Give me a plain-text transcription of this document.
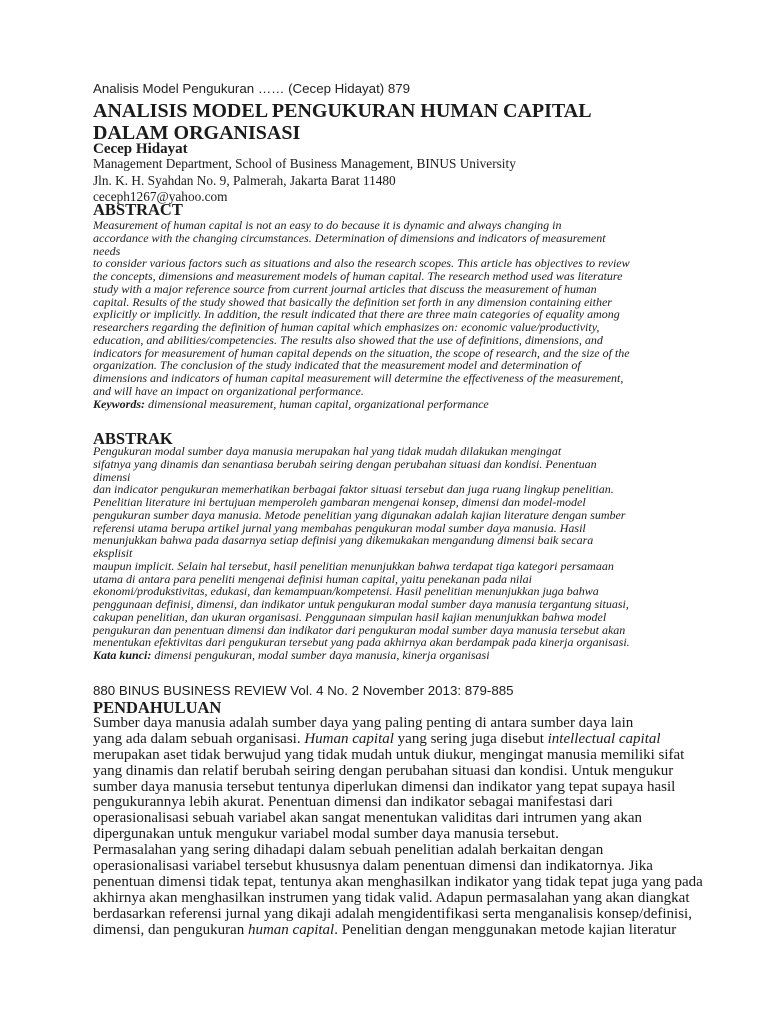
Analisis Model Pengukuran …… (Cecep Hidayat) 879
ANALISIS MODEL PENGUKURAN HUMAN CAPITAL
DALAM ORGANISASI
Cecep Hidayat
Management Department, School of Business Management, BINUS University
Jln. K. H. Syahdan No. 9, Palmerah, Jakarta Barat 11480
ceceph1267@yahoo.com
ABSTRACT
Measurement of human capital is not an easy to do because it is dynamic and always changing in
accordance with the changing circumstances. Determination of dimensions and indicators of measurement
needs
to consider various factors such as situations and also the research scopes. This article has objectives to review
the concepts, dimensions and measurement models of human capital. The research method used was literature
study with a major reference source from current journal articles that discuss the measurement of human
capital. Results of the study showed that basically the definition set forth in any dimension containing either
explicitly or implicitly. In addition, the result indicated that there are three main categories of equality among
researchers regarding the definition of human capital which emphasizes on: economic value/productivity,
education, and abilities/competencies. The results also showed that the use of definitions, dimensions, and
indicators for measurement of human capital depends on the situation, the scope of research, and the size of the
organization. The conclusion of the study indicated that the measurement model and determination of
dimensions and indicators of human capital measurement will determine the effectiveness of the measurement,
and will have an impact on organizational performance.
Keywords: dimensional measurement, human capital, organizational performance
ABSTRAK
Pengukuran modal sumber daya manusia merupakan hal yang tidak mudah dilakukan mengingat
sifatnya yang dinamis dan senantiasa berubah seiring dengan perubahan situasi dan kondisi. Penentuan
dimensi
dan indicator pengukuran memerhatikan berbagai faktor situasi tersebut dan juga ruang lingkup penelitian.
Penelitian literature ini bertujuan memperoleh gambaran mengenai konsep, dimensi dan model-model
pengukuran sumber daya manusia. Metode penelitian yang digunakan adalah kajian literature dengan sumber
referensi utama berupa artikel jurnal yang membahas pengukuran modal sumber daya manusia. Hasil
menunjukkan bahwa pada dasarnya setiap definisi yang dikemukakan mengandung dimensi baik secara
eksplisit
maupun implicit. Selain hal tersebut, hasil penelitian menunjukkan bahwa terdapat tiga kategori persamaan
utama di antara para peneliti mengenai definisi human capital, yaitu penekanan pada nilai
ekonomi/produkstivitas, edukasi, dan kemampuan/kompetensi. Hasil penelitian menunjukkan juga bahwa
penggunaan definisi, dimensi, dan indikator untuk pengukuran modal sumber daya manusia tergantung situasi,
cakupan penelitian, dan ukuran organisasi. Penggunaan simpulan hasil kajian menunjukkan bahwa model
pengukuran dan penentuan dimensi dan indikator dari pengukuran modal sumber daya manusia tersebut akan
menentukan efektivitas dari pengukuran tersebut yang pada akhirnya akan berdampak pada kinerja organisasi.
Kata kunci: dimensi pengukuran, modal sumber daya manusia, kinerja organisasi
880 BINUS BUSINESS REVIEW Vol. 4 No. 2 November 2013: 879-885
PENDAHULUAN
Sumber daya manusia adalah sumber daya yang paling penting di antara sumber daya lain
yang ada dalam sebuah organisasi. Human capital yang sering juga disebut intellectual capital
merupakan aset tidak berwujud yang tidak mudah untuk diukur, mengingat manusia memiliki sifat
yang dinamis dan relatif berubah seiring dengan perubahan situasi dan kondisi. Untuk mengukur
sumber daya manusia tersebut tentunya diperlukan dimensi dan indikator yang tepat supaya hasil
pengukurannya lebih akurat. Penentuan dimensi dan indikator sebagai manifestasi dari
operasionalisasi sebuah variabel akan sangat menentukan validitas dari intrumen yang akan
dipergunakan untuk mengukur variabel modal sumber daya manusia tersebut.
Permasalahan yang sering dihadapi dalam sebuah penelitian adalah berkaitan dengan
operasionalisasi variabel tersebut khususnya dalam penentuan dimensi dan indikatornya. Jika
penentuan dimensi tidak tepat, tentunya akan menghasilkan indikator yang tidak tepat juga yang pada
akhirnya akan menghasilkan instrumen yang tidak valid. Adapun permasalahan yang akan diangkat
berdasarkan referensi jurnal yang dikaji adalah mengidentifikasi serta menganalisis konsep/definisi,
dimensi, dan pengukuran human capital. Penelitian dengan menggunakan metode kajian literatur
